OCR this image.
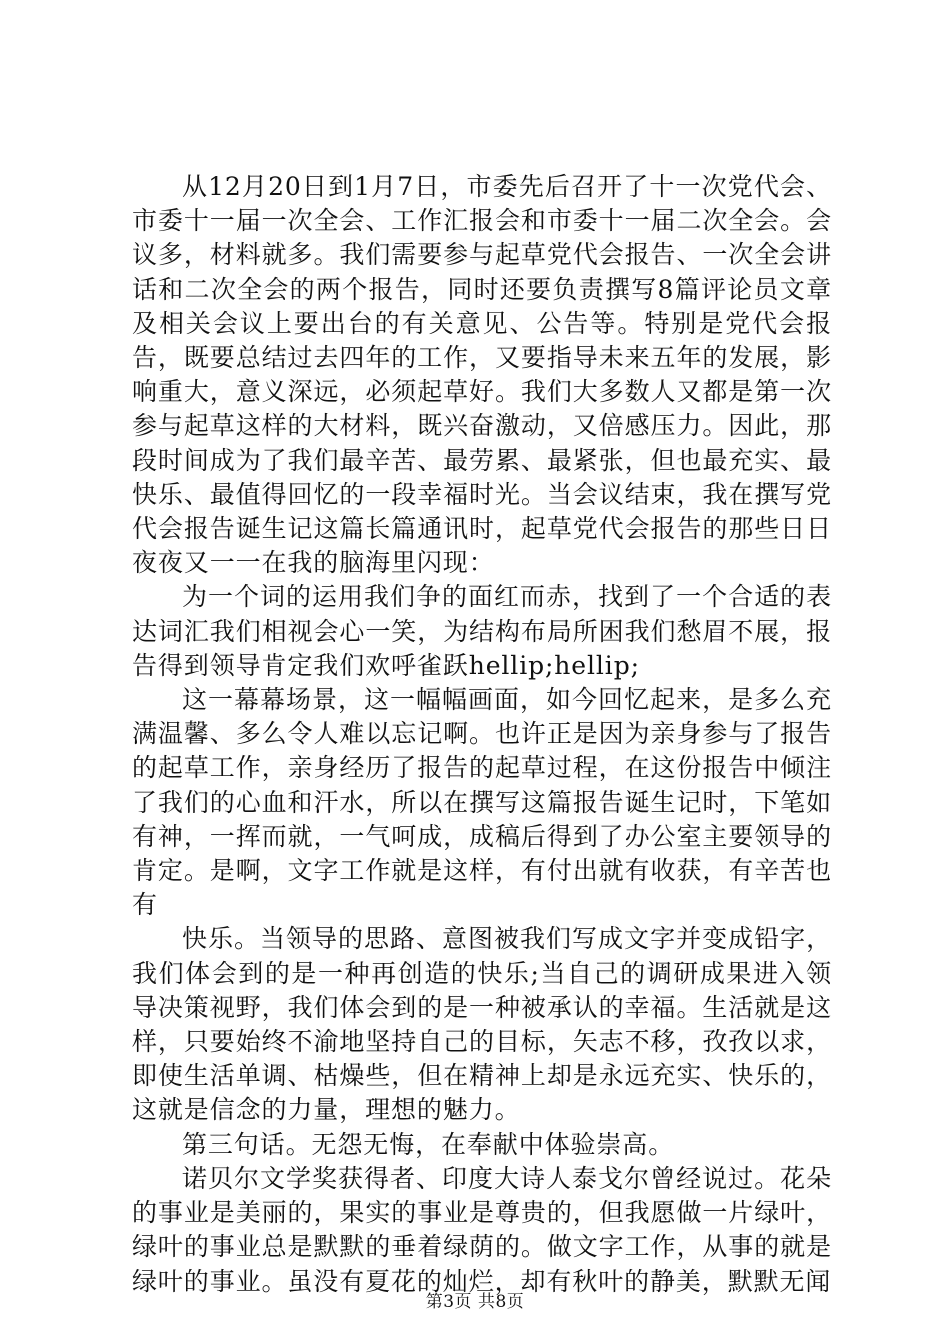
从12月20日到1月7日，市委先后召开了十一次党代会、市委十一届一次全会、工作汇报会和市委十一届二次全会。会议多，材料就多。我们需要参与起草党代会报告、一次全会讲话和二次全会的两个报告，同时还要负责撰写8篇评论员文章及相关会议上要出台的有关意见、公告等。特别是党代会报告，既要总结过去四年的工作，又要指导未来五年的发展，影响重大，意义深远，必须起草好。我们大多数人又都是第一次参与起草这样的大材料，既兴奋激动，又倍感压力。因此，那段时间成为了我们最辛苦、最劳累、最紧张，但也最充实、最快乐、最值得回忆的一段幸福时光。当会议结束，我在撰写党代会报告诞生记这篇长篇通讯时，起草党代会报告的那些日日夜夜又一一在我的脑海里闪现：

为一个词的运用我们争的面红而赤，找到了一个合适的表达词汇我们相视会心一笑，为结构布局所困我们愁眉不展，报告得到领导肯定我们欢呼雀跃hellip;hellip;

这一幕幕场景，这一幅幅画面，如今回忆起来，是多么充满温馨、多么令人难以忘记啊。也许正是因为亲身参与了报告的起草工作，亲身经历了报告的起草过程，在这份报告中倾注了我们的心血和汗水，所以在撰写这篇报告诞生记时，下笔如有神，一挥而就，一气呵成，成稿后得到了办公室主要领导的肯定。是啊，文字工作就是这样，有付出就有收获，有辛苦也有

快乐。当领导的思路、意图被我们写成文字并变成铅字，我们体会到的是一种再创造的快乐;当自己的调研成果进入领导决策视野，我们体会到的是一种被承认的幸福。生活就是这样，只要始终不渝地坚持自己的目标，矢志不移，孜孜以求，即使生活单调、枯燥些，但在精神上却是永远充实、快乐的，这就是信念的力量，理想的魅力。

第三句话。无怨无悔，在奉献中体验崇高。

诺贝尔文学奖获得者、印度大诗人泰戈尔曾经说过。花朵的事业是美丽的，果实的事业是尊贵的，但我愿做一片绿叶，绿叶的事业总是默默的垂着绿荫的。做文字工作，从事的就是绿叶的事业。虽没有夏花的灿烂，却有秋叶的静美，默默无闻

第3页 共8页
